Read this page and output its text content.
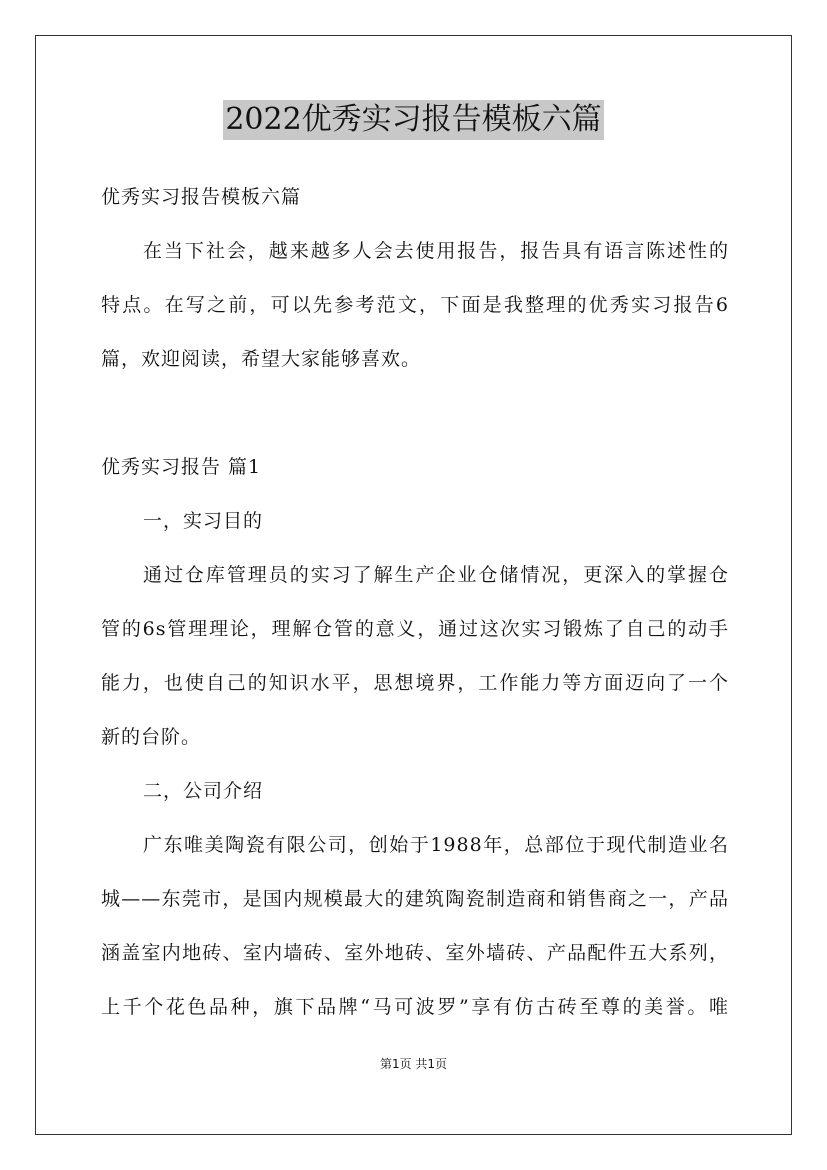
2022优秀实习报告模板六篇
优秀实习报告模板六篇
在当下社会，越来越多人会去使用报告，报告具有语言陈述性的
特点。在写之前，可以先参考范文，下面是我整理的优秀实习报告6
篇，欢迎阅读，希望大家能够喜欢。
优秀实习报告 篇1
一，实习目的
通过仓库管理员的实习了解生产企业仓储情况，更深入的掌握仓
管的6s管理理论，理解仓管的意义，通过这次实习锻炼了自己的动手
能力，也使自己的知识水平，思想境界，工作能力等方面迈向了一个
新的台阶。
二，公司介绍
广东唯美陶瓷有限公司，创始于1988年，总部位于现代制造业名
城——东莞市，是国内规模最大的建筑陶瓷制造商和销售商之一，产品
涵盖室内地砖、室内墙砖、室外地砖、室外墙砖、产品配件五大系列，
上千个花色品种，旗下品牌“马可波罗”享有仿古砖至尊的美誉。唯
第1页 共1页
